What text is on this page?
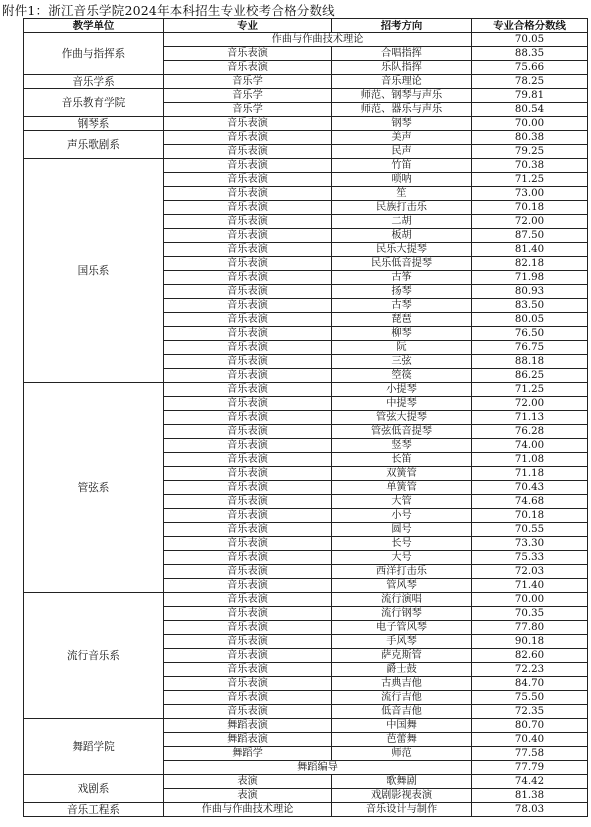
附件1：浙江音乐学院2024年本科招生专业校考合格分数线
教学单位	专业	招考方向	专业合格分数线
作曲与指挥系	作曲与作曲技术理论		70.05
	音乐表演	合唱指挥	88.35
	音乐表演	乐队指挥	75.66
音乐学系	音乐学	音乐理论	78.25
音乐教育学院	音乐学	师范、钢琴与声乐	79.81
	音乐学	师范、器乐与声乐	80.54
钢琴系	音乐表演	钢琴	70.00
声乐歌剧系	音乐表演	美声	80.38
	音乐表演	民声	79.25
国乐系	音乐表演	竹笛	70.38
	音乐表演	唢呐	71.25
	音乐表演	笙	73.00
	音乐表演	民族打击乐	70.18
	音乐表演	二胡	72.00
	音乐表演	板胡	87.50
	音乐表演	民乐大提琴	81.40
	音乐表演	民乐低音提琴	82.18
	音乐表演	古筝	71.98
	音乐表演	扬琴	80.93
	音乐表演	古琴	83.50
	音乐表演	琵琶	80.05
	音乐表演	柳琴	76.50
	音乐表演	阮	76.75
	音乐表演	三弦	88.18
	音乐表演	箜篌	86.25
管弦系	音乐表演	小提琴	71.25
	音乐表演	中提琴	72.00
	音乐表演	管弦大提琴	71.13
	音乐表演	管弦低音提琴	76.28
	音乐表演	竖琴	74.00
	音乐表演	长笛	71.08
	音乐表演	双簧管	71.18
	音乐表演	单簧管	70.43
	音乐表演	大管	74.68
	音乐表演	小号	70.18
	音乐表演	圆号	70.55
	音乐表演	长号	73.30
	音乐表演	大号	75.33
	音乐表演	西洋打击乐	72.03
	音乐表演	管风琴	71.40
流行音乐系	音乐表演	流行演唱	70.00
	音乐表演	流行钢琴	70.35
	音乐表演	电子管风琴	77.80
	音乐表演	手风琴	90.18
	音乐表演	萨克斯管	82.60
	音乐表演	爵士鼓	72.23
	音乐表演	古典吉他	84.70
	音乐表演	流行吉他	75.50
	音乐表演	低音吉他	72.35
舞蹈学院	舞蹈表演	中国舞	80.70
	舞蹈表演	芭蕾舞	70.40
	舞蹈学	师范	77.58
	舞蹈编导		77.79
戏剧系	表演	歌舞剧	74.42
	表演	戏剧影视表演	81.38
音乐工程系	作曲与作曲技术理论	音乐设计与制作	78.03
